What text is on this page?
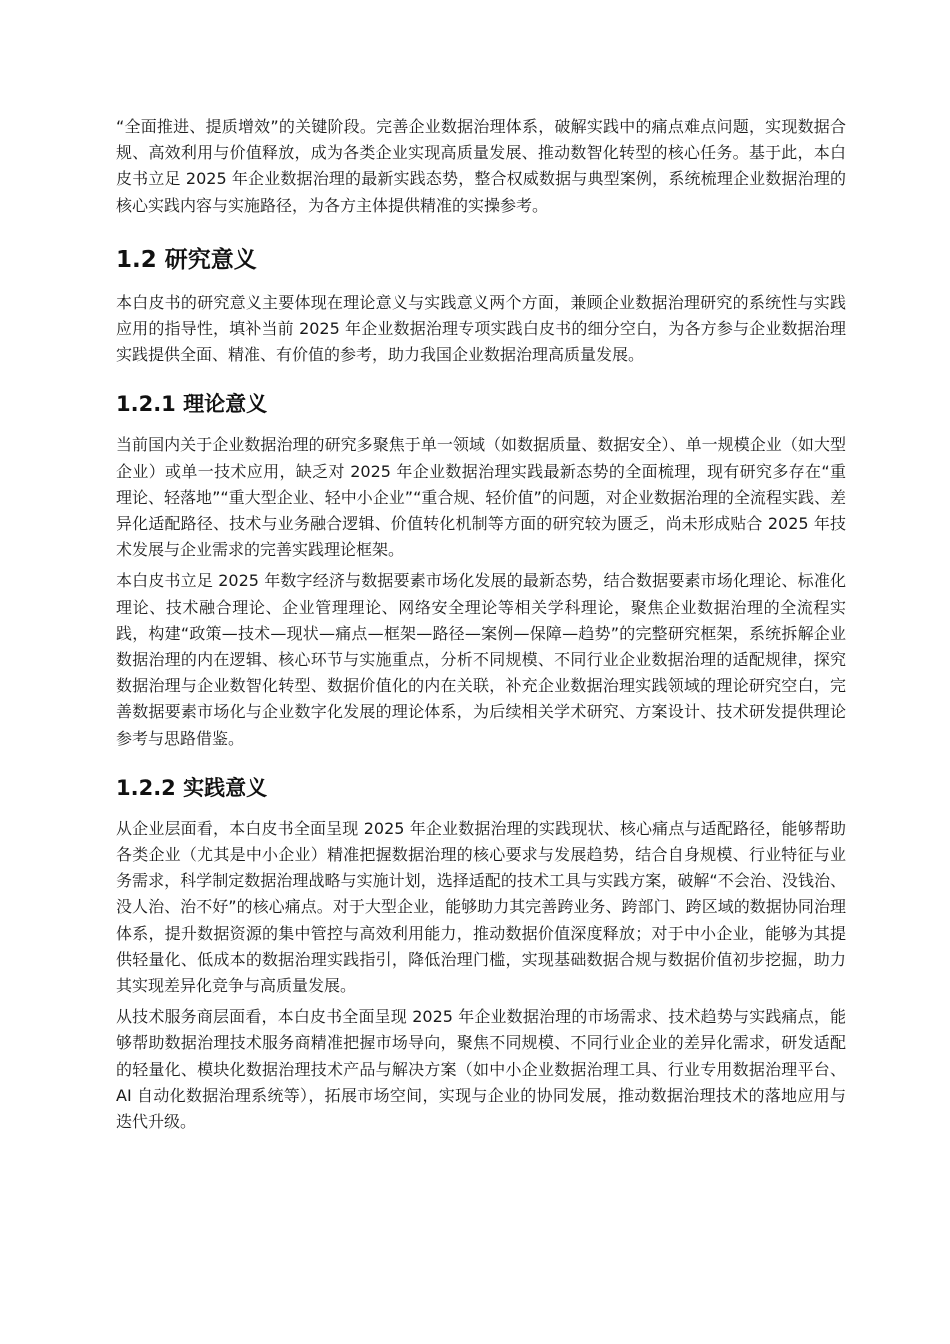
“全面推进、提质增效”的关键阶段。完善企业数据治理体系，破解实践中的痛点难点问题，实现数据合规、高效利用与价值释放，成为各类企业实现高质量发展、推动数智化转型的核心任务。基于此，本白皮书立足 2025 年企业数据治理的最新实践态势，整合权威数据与典型案例，系统梳理企业数据治理的核心实践内容与实施路径，为各方主体提供精准的实操参考。

1.2 研究意义

本白皮书的研究意义主要体现在理论意义与实践意义两个方面，兼顾企业数据治理研究的系统性与实践应用的指导性，填补当前 2025 年企业数据治理专项实践白皮书的细分空白，为各方参与企业数据治理实践提供全面、精准、有价值的参考，助力我国企业数据治理高质量发展。

1.2.1 理论意义

当前国内关于企业数据治理的研究多聚焦于单一领域（如数据质量、数据安全）、单一规模企业（如大型企业）或单一技术应用，缺乏对 2025 年企业数据治理实践最新态势的全面梳理，现有研究多存在“重理论、轻落地”“重大型企业、轻中小企业”“重合规、轻价值”的问题，对企业数据治理的全流程实践、差异化适配路径、技术与业务融合逻辑、价值转化机制等方面的研究较为匮乏，尚未形成贴合 2025 年技术发展与企业需求的完善实践理论框架。

本白皮书立足 2025 年数字经济与数据要素市场化发展的最新态势，结合数据要素市场化理论、标准化理论、技术融合理论、企业管理理论、网络安全理论等相关学科理论，聚焦企业数据治理的全流程实践，构建“政策—技术—现状—痛点—框架—路径—案例—保障—趋势”的完整研究框架，系统拆解企业数据治理的内在逻辑、核心环节与实施重点，分析不同规模、不同行业企业数据治理的适配规律，探究数据治理与企业数智化转型、数据价值化的内在关联，补充企业数据治理实践领域的理论研究空白，完善数据要素市场化与企业数字化发展的理论体系，为后续相关学术研究、方案设计、技术研发提供理论参考与思路借鉴。

1.2.2 实践意义

从企业层面看，本白皮书全面呈现 2025 年企业数据治理的实践现状、核心痛点与适配路径，能够帮助各类企业（尤其是中小企业）精准把握数据治理的核心要求与发展趋势，结合自身规模、行业特征与业务需求，科学制定数据治理战略与实施计划，选择适配的技术工具与实践方案，破解“不会治、没钱治、没人治、治不好”的核心痛点。对于大型企业，能够助力其完善跨业务、跨部门、跨区域的数据协同治理体系，提升数据资源的集中管控与高效利用能力，推动数据价值深度释放；对于中小企业，能够为其提供轻量化、低成本的数据治理实践指引，降低治理门槛，实现基础数据合规与数据价值初步挖掘，助力其实现差异化竞争与高质量发展。

从技术服务商层面看，本白皮书全面呈现 2025 年企业数据治理的市场需求、技术趋势与实践痛点，能够帮助数据治理技术服务商精准把握市场导向，聚焦不同规模、不同行业企业的差异化需求，研发适配的轻量化、模块化数据治理技术产品与解决方案（如中小企业数据治理工具、行业专用数据治理平台、AI 自动化数据治理系统等），拓展市场空间，实现与企业的协同发展，推动数据治理技术的落地应用与迭代升级。
